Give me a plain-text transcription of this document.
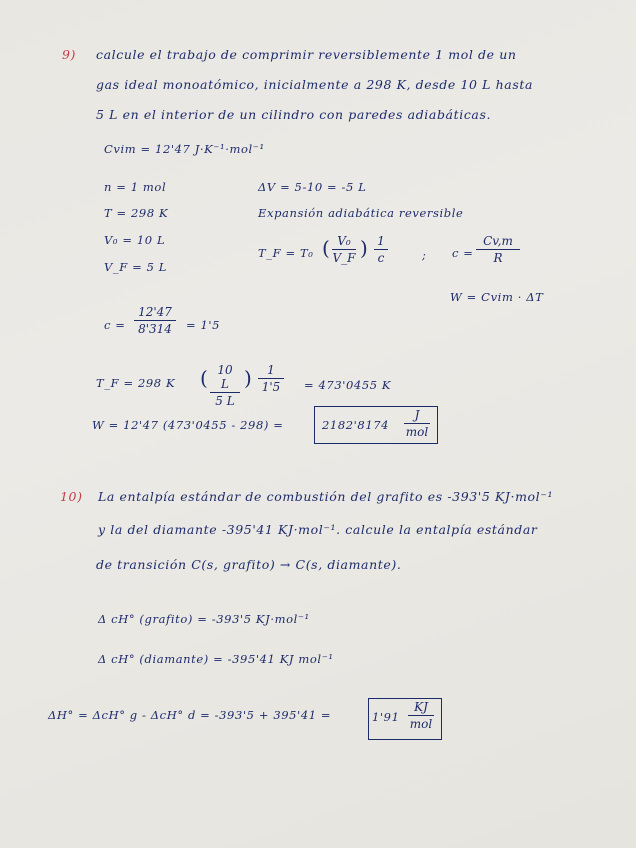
9) calcule el trabajo de comprimir reversiblemente 1 mol de un
gas ideal monoatómico, inicialmente a 298 K, desde 10 L hasta
5 L en el interior de un cilindro con paredes adiabáticas.
Cvim = 12'47 J·K⁻¹·mol⁻¹
n = 1 mol
T = 298 K
V₀ = 10 L
V_F = 5 L
ΔV = 5-10 = -5 L
Expansión adiabática reversible
T_F = T₀ ( $\frac{\text{V₀}}{V\_F}$ ) $\frac{1}{c}$	; $c = \frac{Cv,m}{R}$
W = Cvim · ΔT
$c = \frac{12'47}{8'314} = 1'5$
T_F = 298 K ( $\frac{10 L}{5 L}$ ) $\frac{1}{1'5} = 473'0455$ K
W = 12'47 (473'0455 - 298) =	2182'8174
J
mol
10) La entalpía estándar de combustión del grafito es -393'5 KJ·mol⁻¹
y la del diamante -395'41 KJ·mol⁻¹. calcule la entalpía estándar
de transición C(s, grafito) → C(s, diamante).
Δ cH° (grafito) = -393'5 KJ·mol⁻¹
Δ cH° (diamante) = -395'41 KJ mol⁻¹
ΔH° = ΔcH° g - ΔcH° d = -393'5 + 395'41 =	1'91
KJ
mol
